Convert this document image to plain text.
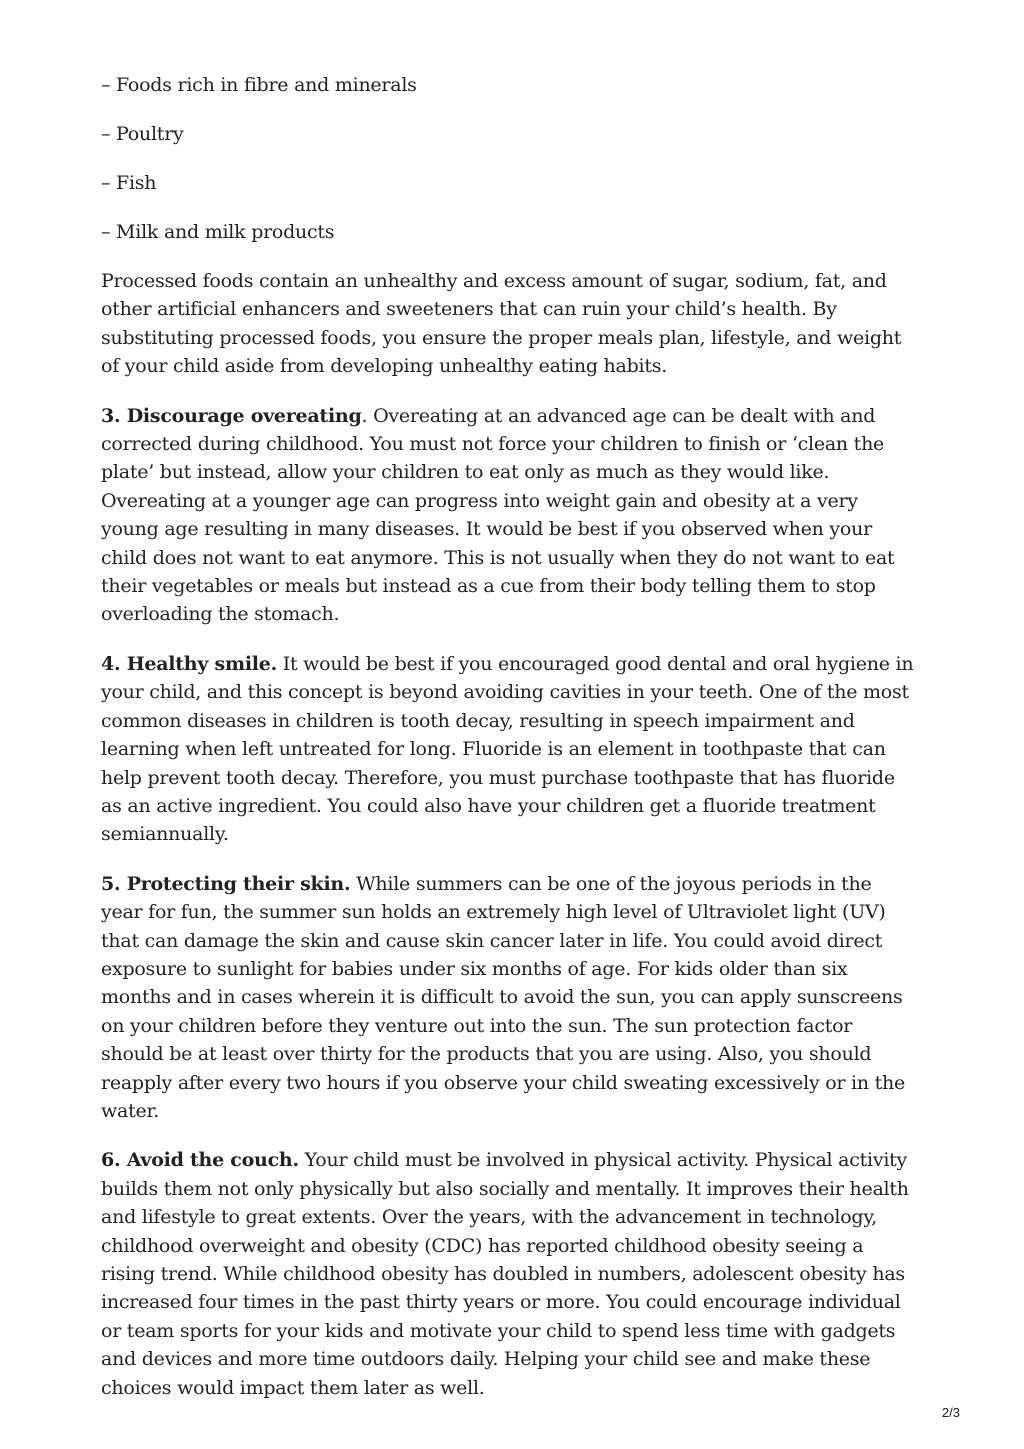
– Foods rich in fibre and minerals

– Poultry

– Fish

– Milk and milk products

Processed foods contain an unhealthy and excess amount of sugar, sodium, fat, and other artificial enhancers and sweeteners that can ruin your child’s health. By substituting processed foods, you ensure the proper meals plan, lifestyle, and weight of your child aside from developing unhealthy eating habits.

3. Discourage overeating. Overeating at an advanced age can be dealt with and corrected during childhood. You must not force your children to finish or ‘clean the plate’ but instead, allow your children to eat only as much as they would like. Overeating at a younger age can progress into weight gain and obesity at a very young age resulting in many diseases. It would be best if you observed when your child does not want to eat anymore. This is not usually when they do not want to eat their vegetables or meals but instead as a cue from their body telling them to stop overloading the stomach.

4. Healthy smile. It would be best if you encouraged good dental and oral hygiene in your child, and this concept is beyond avoiding cavities in your teeth. One of the most common diseases in children is tooth decay, resulting in speech impairment and learning when left untreated for long. Fluoride is an element in toothpaste that can help prevent tooth decay. Therefore, you must purchase toothpaste that has fluoride as an active ingredient. You could also have your children get a fluoride treatment semiannually.

5. Protecting their skin. While summers can be one of the joyous periods in the year for fun, the summer sun holds an extremely high level of Ultraviolet light (UV) that can damage the skin and cause skin cancer later in life. You could avoid direct exposure to sunlight for babies under six months of age. For kids older than six months and in cases wherein it is difficult to avoid the sun, you can apply sunscreens on your children before they venture out into the sun. The sun protection factor should be at least over thirty for the products that you are using. Also, you should reapply after every two hours if you observe your child sweating excessively or in the water.

6. Avoid the couch. Your child must be involved in physical activity. Physical activity builds them not only physically but also socially and mentally. It improves their health and lifestyle to great extents. Over the years, with the advancement in technology, childhood overweight and obesity (CDC) has reported childhood obesity seeing a rising trend. While childhood obesity has doubled in numbers, adolescent obesity has increased four times in the past thirty years or more. You could encourage individual or team sports for your kids and motivate your child to spend less time with gadgets and devices and more time outdoors daily. Helping your child see and make these choices would impact them later as well.

2/3
